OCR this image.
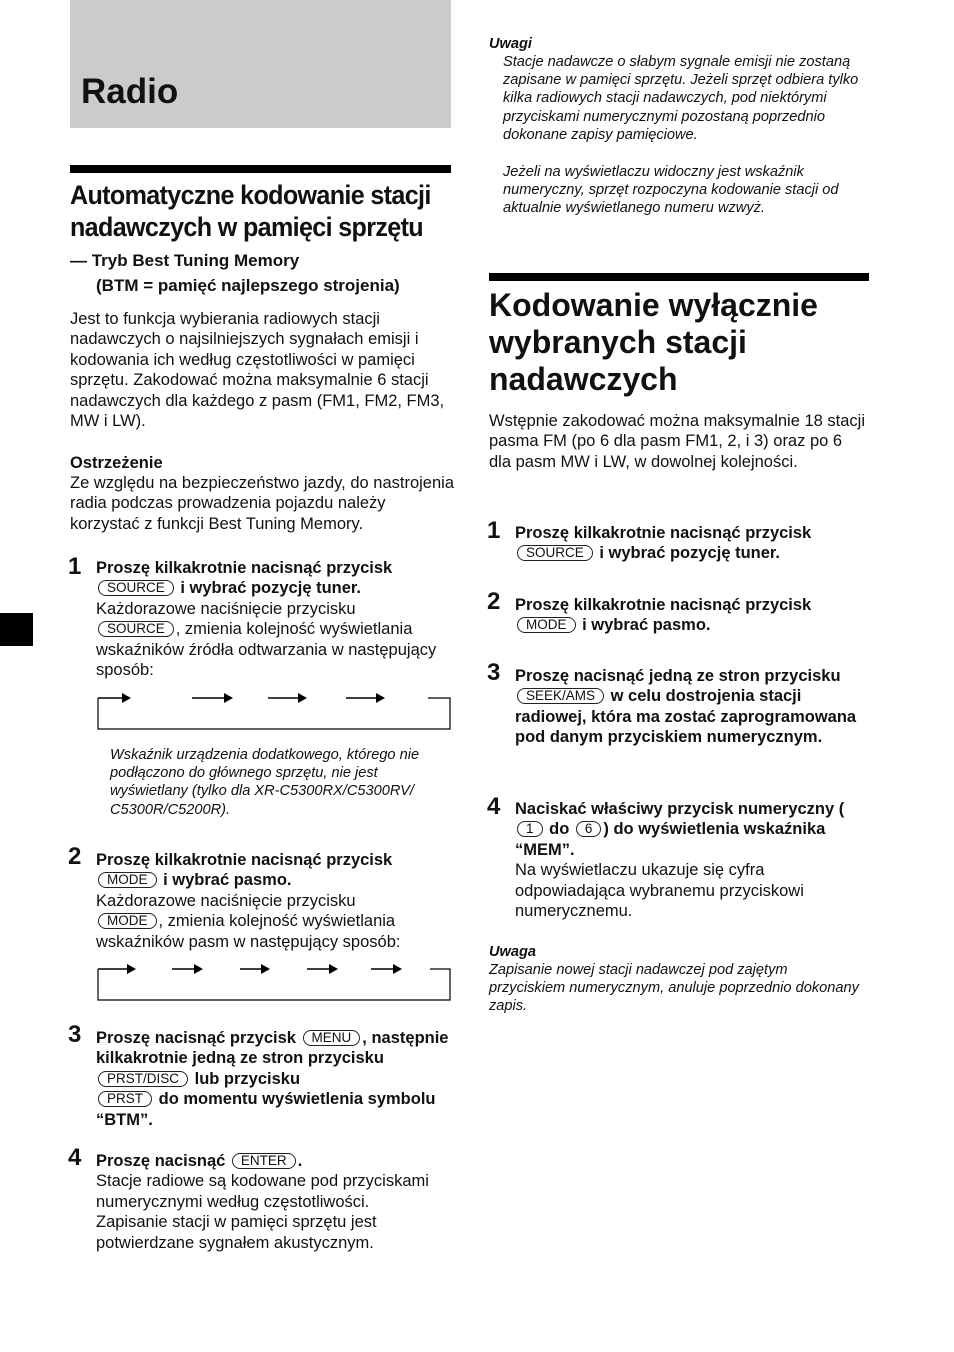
Radio

Automatyczne kodowanie stacji nadawczych w pamięci sprzętu

— Tryb Best Tuning Memory
(BTM = pamięć najlepszego strojenia)

Jest to funkcja wybierania radiowych stacji nadawczych o najsilniejszych sygnałach emisji i kodowania ich według częstotliwości w pamięci sprzętu. Zakodować można maksymalnie 6 stacji nadawczych dla każdego z pasm (FM1, FM2, FM3, MW i LW).

Ostrzeżenie

Ze względu na bezpieczeństwo jazdy, do nastrojenia radia podczas prowadzenia pojazdu należy korzystać z funkcji Best Tuning Memory.

1 Proszę kilkakrotnie nacisnąć przycisk
SOURCE i wybrać pozycję tuner.
Każdorazowe naciśnięcie przycisku
SOURCE , zmienia kolejność wyświetlania wskaźników źródła odtwarzania w następujący sposób:

Wskaźnik urządzenia dodatkowego, którego nie podłączono do głównego sprzętu, nie jest wyświetlany (tylko dla XR-C5300RX/C5300RV/ C5300R/C5200R).

2 Proszę kilkakrotnie nacisnąć przycisk
MODE i wybrać pasmo.
Każdorazowe naciśnięcie przycisku
MODE , zmienia kolejność wyświetlania wskaźników pasm w następujący sposób:
3 Proszę nacisnąć przycisk MENU , następnie kilkakrotnie jedną ze stron przycisku PRST/DISC lub przycisku
PRST do momentu wyświetlenia symbolu “BTM”.
4 Proszę nacisnąć ENTER .
Stacje radiowe są kodowane pod przyciskami numerycznymi według częstotliwości.
Zapisanie stacji w pamięci sprzętu jest potwierdzane sygnałem akustycznym.

Uwagi

Stacje nadawcze o słabym sygnale emisji nie zostaną zapisane w pamięci sprzętu. Jeżeli sprzęt odbiera tylko kilka radiowych stacji nadawczych, pod niektórymi przyciskami numerycznymi pozostaną poprzednio dokonane zapisy pamięciowe.

Jeżeli na wyświetlaczu widoczny jest wskaźnik numeryczny, sprzęt rozpoczyna kodowanie stacji od aktualnie wyświetlanego numeru wzwyż.

Kodowanie wyłącznie wybranych stacji nadawczych

Wstępnie zakodować można maksymalnie 18 stacji pasma FM (po 6 dla pasm FM1, 2, i 3) oraz po 6 dla pasm MW i LW, w dowolnej kolejności.

1 Proszę kilkakrotnie nacisnąć przycisk
SOURCE i wybrać pozycję tuner.
2 Proszę kilkakrotnie nacisnąć przycisk
MODE i wybrać pasmo.
3 Proszę nacisnąć jedną ze stron przycisku SEEK/AMS w celu dostrojenia stacji radiowej, która ma zostać zaprogramowana pod danym przyciskiem numerycznym.
4 Naciskać właściwy przycisk numeryczny (1 do 6 ) do wyświetlenia wskaźnika “MEM”.
Na wyświetlaczu ukazuje się cyfra odpowiadająca wybranemu przyciskowi numerycznemu.

Uwaga

Zapisanie nowej stacji nadawczej pod zajętym przyciskiem numerycznym, anuluje poprzednio dokonany zapis.
